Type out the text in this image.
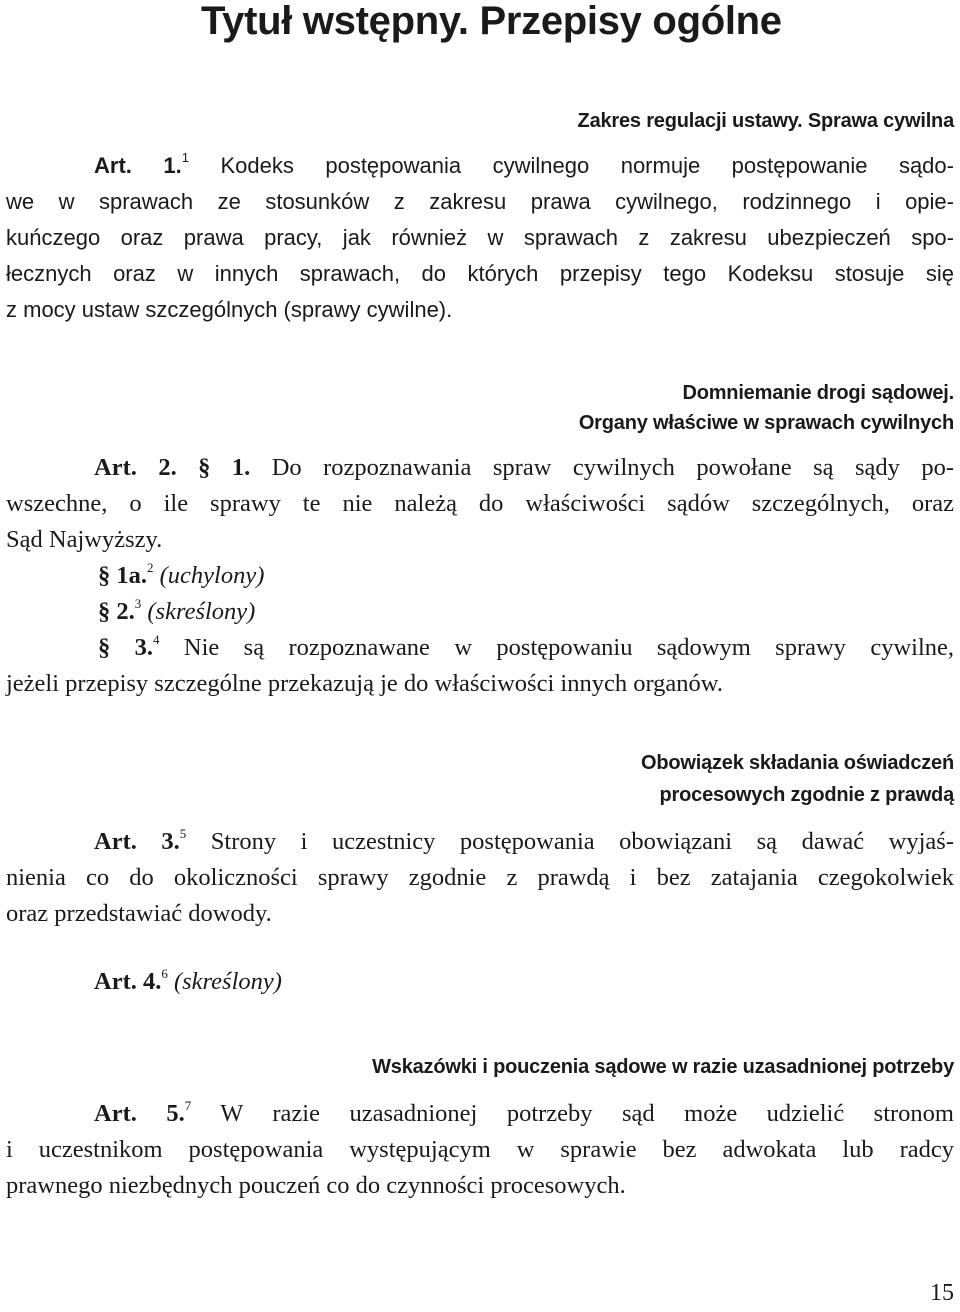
Tytuł wstępny. Przepisy ogólne
Zakres regulacji ustawy. Sprawa cywilna
Art. 1.$^1$ Kodeks postępowania cywilnego normuje postępowanie sądo-
we w sprawach ze stosunków z zakresu prawa cywilnego, rodzinnego i opie-
kuńczego oraz prawa pracy, jak również w sprawach z zakresu ubezpieczeń spo-
łecznych oraz w innych sprawach, do których przepisy tego Kodeksu stosuje się
z mocy ustaw szczególnych (sprawy cywilne).
Domniemanie drogi sądowej.
Organy właściwe w sprawach cywilnych
Art. 2. § 1. Do rozpoznawania spraw cywilnych powołane są sądy po-
wszechne, o ile sprawy te nie należą do właściwości sądów szczególnych, oraz
Sąd Najwyższy.
§ 1a.$^2$ (uchylony)
§ 2.$^3$ (skreślony)
§ 3.$^4$ Nie są rozpoznawane w postępowaniu sądowym sprawy cywilne,
jeżeli przepisy szczególne przekazują je do właściwości innych organów.
Obowiązek składania oświadczeń
procesowych zgodnie z prawdą
Art. 3.$^5$ Strony i uczestnicy postępowania obowiązani są dawać wyjaś-
nienia co do okoliczności sprawy zgodnie z prawdą i bez zatajania czegokolwiek
oraz przedstawiać dowody.
Art. 4.$^6$ (skreślony)
Wskazówki i pouczenia sądowe w razie uzasadnionej potrzeby
Art. 5.$^7$ W razie uzasadnionej potrzeby sąd może udzielić stronom
i uczestnikom postępowania występującym w sprawie bez adwokata lub radcy
prawnego niezbędnych pouczeń co do czynności procesowych.
15
